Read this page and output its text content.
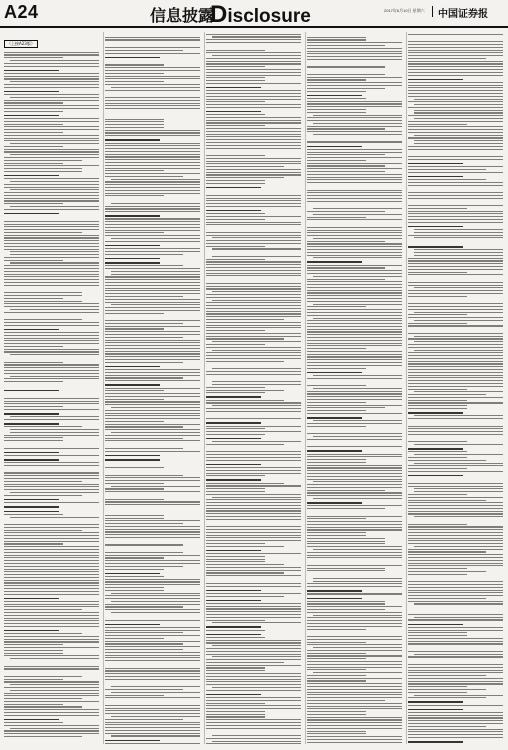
A24	信息披露
Disclosure	2017年6月10日 星期六 中国证券报
（上接A23版）
